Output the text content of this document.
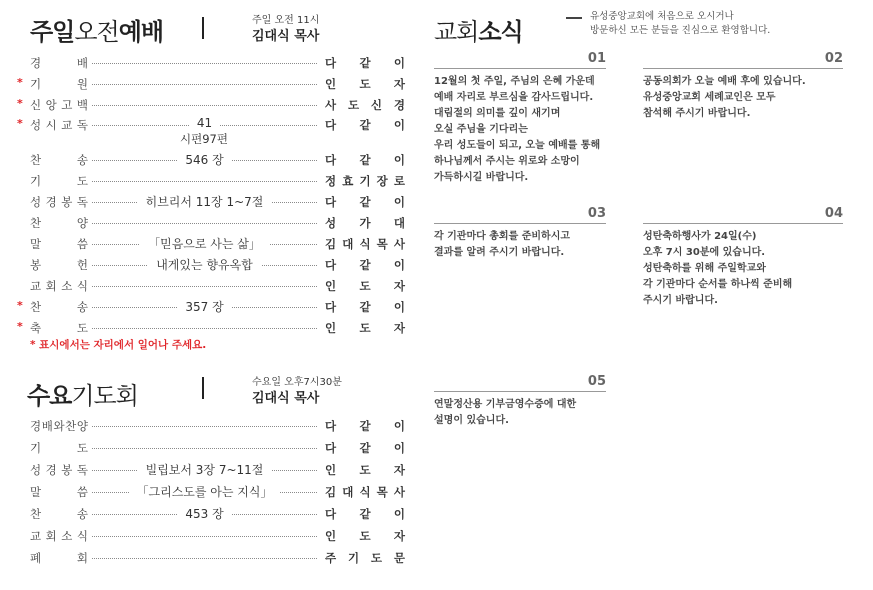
주일오전예배	주일 오전 11시
김대식 목사
경	배	다 같 이
* 기	원	인 도 자
* 신 앙 고 백	사 도 신 경
* 성 시 교 독	41	다 같 이
찬	송	546 장	다 같 이
기	도	정 효 기 장 로
성 경 봉 독	히브리서 11장 1~7절	다 같 이
찬	양	성 가 대
말	씀	「믿음으로 사는 삶」	김 대 식 목 사
봉	헌	내게있는 향유옥합	다 같 이
교 회 소 식	인 도 자
* 찬	송	357 장	다 같 이
* 축	도	인 도 자
시편97편
* 표시에서는 자리에서 일어나 주세요.
수요기도회	수요일 오후7시30분
김대식 목사
경 배 와 찬 양	다 같 이
기	도	다 같 이
성 경 봉 독	빌립보서 3장 7~11절	인 도 자
말	씀	「그리스도를 아는 지식」	김 대 식 목 사
찬	송	453 장	다 같 이
교 회 소 식	인 도 자
폐	회	주 기 도 문
교회소식
유성중앙교회에 처음으로 오시거나
방문하신 모든 분들을 진심으로 환영합니다.
01
12월의 첫 주일, 주님의 은혜 가운데
예배 자리로 부르심을 감사드립니다.
대림절의 의미를 깊이 새기며
오실 주님을 기다리는
우리 성도들이 되고, 오늘 예배를 통해
하나님께서 주시는 위로와 소망이
가득하시길 바랍니다.
02
공동의회가 오늘 예배 후에 있습니다.
유성중앙교회 세례교인은 모두
참석해 주시기 바랍니다.
03
각 기관마다 총회를 준비하시고
결과를 알려 주시기 바랍니다.
04
성탄축하행사가 24일(수)
오후 7시 30분에 있습니다.
성탄축하를 위해 주일학교와
각 기관마다 순서를 하나씩 준비해
주시기 바랍니다.
05
연말정산용 기부금영수증에 대한
설명이 있습니다.
